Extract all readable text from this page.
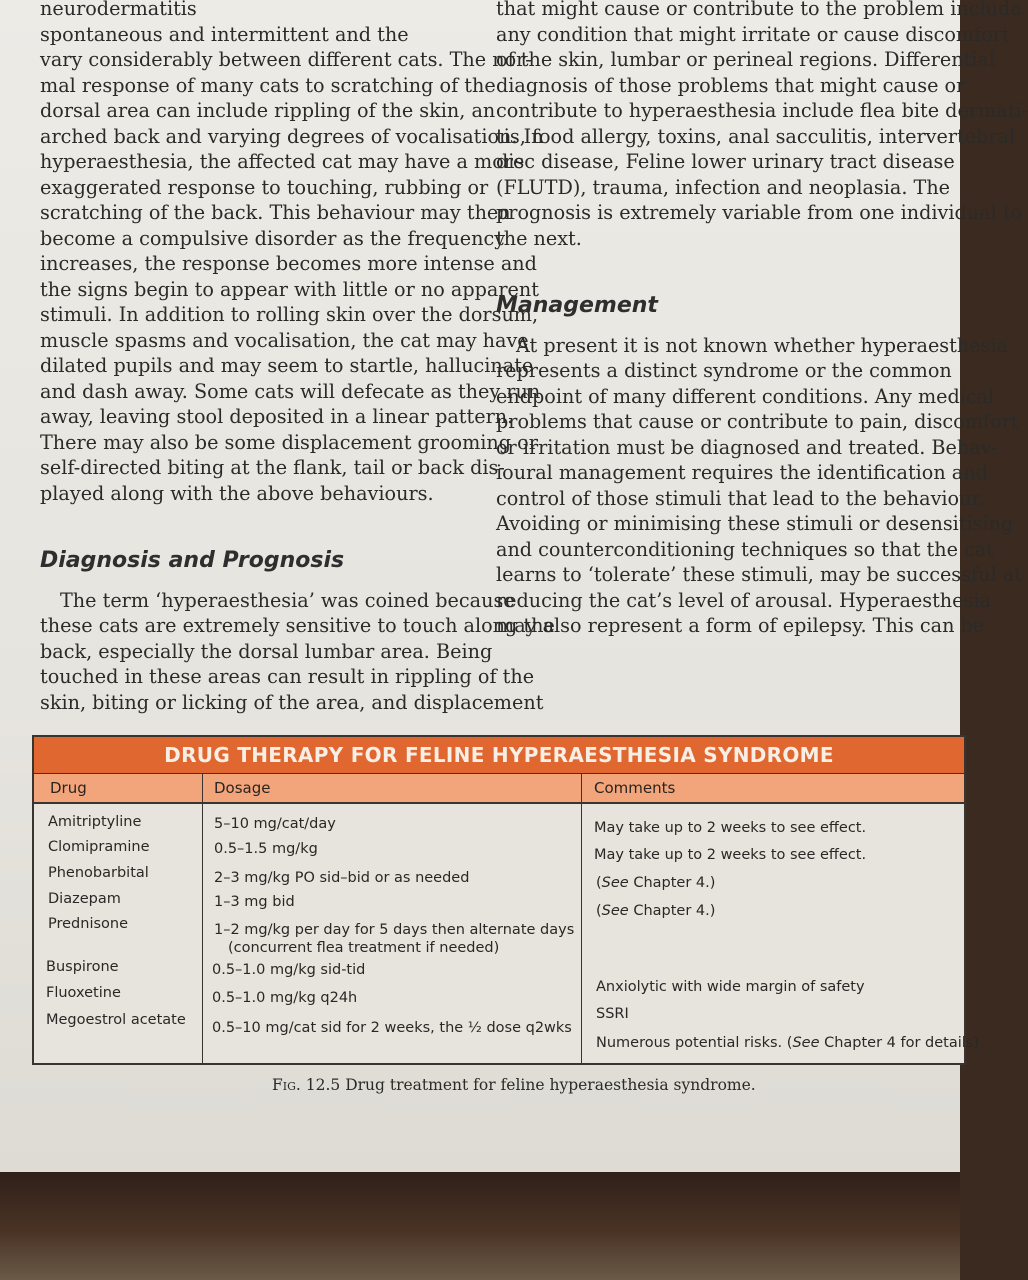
neurodermatitis
spontaneous and intermittent and the
vary considerably between different cats. The nor-
mal response of many cats to scratching of the
dorsal area can include rippling of the skin, an
arched back and varying degrees of vocalisation. In
hyperaesthesia, the affected cat may have a more
exaggerated response to touching, rubbing or
scratching of the back. This behaviour may then
become a compulsive disorder as the frequency
increases, the response becomes more intense and
the signs begin to appear with little or no apparent
stimuli. In addition to rolling skin over the dorsum,
muscle spasms and vocalisation, the cat may have
dilated pupils and may seem to startle, hallucinate
and dash away. Some cats will defecate as they run
away, leaving stool deposited in a linear pattern.
There may also be some displacement grooming or
self-directed biting at the flank, tail or back dis-
played along with the above behaviours.
Diagnosis and Prognosis
The term ‘hyperaesthesia’ was coined because
these cats are extremely sensitive to touch along the
back, especially the dorsal lumbar area. Being
touched in these areas can result in rippling of the
skin, biting or licking of the area, and displacement
that might cause or contribute to the problem include
any condition that might irritate or cause discomfort
of the skin, lumbar or perineal regions. Differential
diagnosis of those problems that might cause or
contribute to hyperaesthesia include flea bite dermati-
tis, food allergy, toxins, anal sacculitis, intervertebral
disc disease, Feline lower urinary tract disease
(FLUTD), trauma, infection and neoplasia. The
prognosis is extremely variable from one individual to
the next.
Management
At present it is not known whether hyperaesthesia
represents a distinct syndrome or the common
endpoint of many different conditions. Any medical
problems that cause or contribute to pain, discomfort
or irritation must be diagnosed and treated. Behav-
ioural management requires the identification and
control of those stimuli that lead to the behaviour.
Avoiding or minimising these stimuli or desensitising
and counterconditioning techniques so that the cat
learns to ‘tolerate’ these stimuli, may be successful at
reducing the cat’s level of arousal. Hyperaesthesia
may also represent a form of epilepsy. This can be
DRUG THERAPY FOR FELINE HYPERAESTHESIA SYNDROME
Drug	Dosage	Comments
Amitriptyline
Clomipramine
Phenobarbital
Diazepam
Prednisone
Buspirone
Fluoxetine
Megoestrol acetate
5–10 mg/cat/day
0.5–1.5 mg/kg
2–3 mg/kg PO sid–bid or as needed
1–3 mg bid
1–2 mg/kg per day for 5 days then alternate days
(concurrent flea treatment if needed)
0.5–1.0 mg/kg sid-tid
0.5–1.0 mg/kg q24h
0.5–10 mg/cat sid for 2 weeks, the ½ dose q2wks
May take up to 2 weeks to see effect.
May take up to 2 weeks to see effect.
(See Chapter 4.)
(See Chapter 4.)
Anxiolytic with wide margin of safety
SSRI
Numerous potential risks. (See Chapter 4 for details)
Fig. 12.5 Drug treatment for feline hyperaesthesia syndrome.
